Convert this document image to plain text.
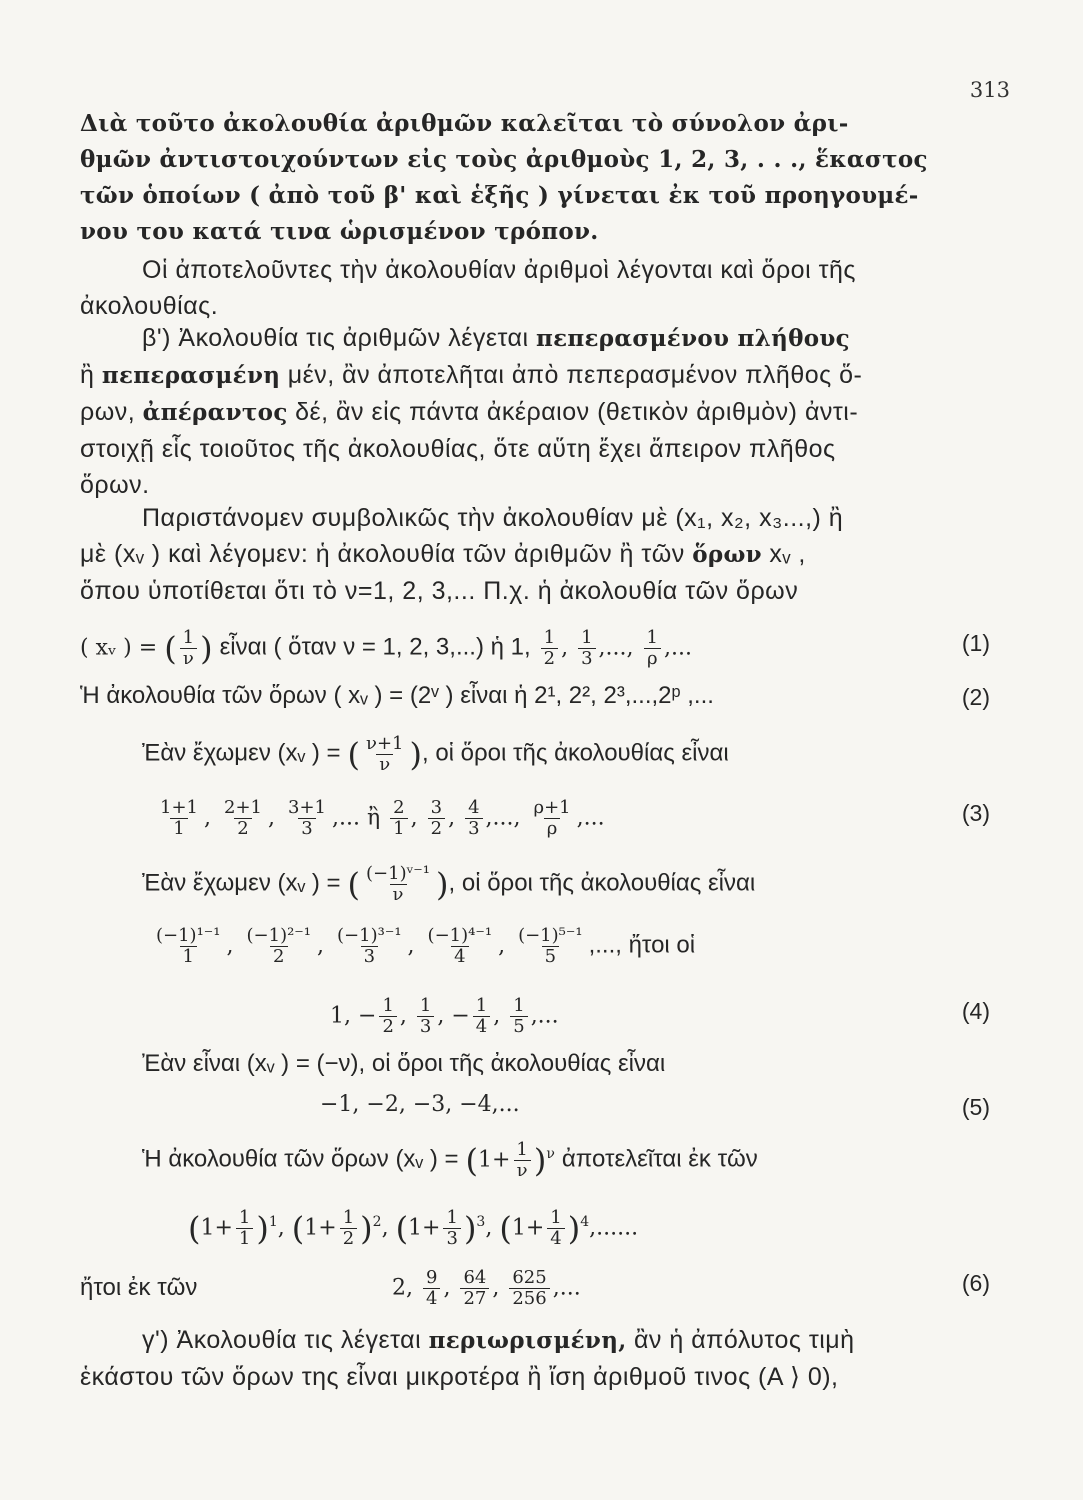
313
Διὰ τοῦτο ἀκολουθία ἀριθμῶν καλεῖται τὸ σύνολον ἀρι-
θμῶν ἀντιστοιχούντων εἰς τοὺς ἀριθμοὺς 1, 2, 3, . . ., ἕκαστος
τῶν ὁποίων ( ἀπὸ τοῦ β' καὶ ἑξῆς ) γίνεται ἐκ τοῦ προηγουμέ-
νου του κατά τινα ὡρισμένον τρόπον.
Οἱ ἀποτελοῦντες τὴν ἀκολουθίαν ἀριθμοὶ λέγονται καὶ ὅροι τῆς
ἀκολουθίας.
β') Ἀκολουθία τις ἀριθμῶν λέγεται πεπερασμένου πλήθους
ἢ πεπερασμένη μέν, ἂν ἀποτελῆται ἀπὸ πεπερασμένον πλῆθος ὅ-
ρων, ἀπέραντος δέ, ἂν εἰς πάντα ἀκέραιον (θετικὸν ἀριθμὸν) ἀντι-
στοιχῇ εἷς τοιοῦτος τῆς ἀκολουθίας, ὅτε αὕτη ἔχει ἄπειρον πλῆθος
ὅρων.
Παριστάνομεν συμβολικῶς τὴν ἀκολουθίαν μὲ (x₁, x₂, x₃...,) ἢ
μὲ (xᵥ ) καὶ λέγομεν: ἡ ἀκολουθία τῶν ἀριθμῶν ἢ τῶν ὅρων xᵥ ,
ὅπου ὑποτίθεται ὅτι τὸ ν=1, 2, 3,... Π.χ. ἡ ἀκολουθία τῶν ὅρων
( xᵥ ) = ( $\frac{1}{\nu}$ ) εἶναι ( ὅταν ν = 1, 2, 3,...) ἡ 1, $\frac{1}{2}$ , $\frac{1}{3}$ ,..., $\frac{1}{\rho}$ ,...	(1)
Ἡ ἀκολουθία τῶν ὅρων ( xᵥ ) = (2ᵛ ) εἶναι ἡ 2¹, 2², 2³,...,2ᵖ ,...	(2)
Ἐὰν ἔχωμεν (xᵥ ) = ( $\frac{\nu+1}{\nu}$ ), οἱ ὅροι τῆς ἀκολουθίας εἶναι
$\frac{1+1}{1}$ , $\frac{2+1}{2}$ , $\frac{3+1}{3}$ ,... ἢ $\frac{2}{1}$ , $\frac{3}{2}$ , $\frac{4}{3}$ ,..., $\frac{\rho+1}{\rho}$ ,...	(3)
Ἐὰν ἔχωμεν (xᵥ ) = ( $\frac{\text{(−1)ᵛ⁻¹}}{\nu}$ ), οἱ ὅροι τῆς ἀκολουθίας εἶναι
$\frac{\text{(−1)¹⁻¹}}{1}$ , $\frac{\text{(−1)²⁻¹}}{2}$ , $\frac{\text{(−1)³⁻¹}}{3}$ , $\frac{\text{(−1)⁴⁻¹}}{4}$ , $\frac{\text{(−1)⁵⁻¹}}{5}$ ,..., ἤτοι οἱ
1, − $\frac{1}{2}$ , $\frac{1}{3}$ , − $\frac{1}{4}$ , $\frac{1}{5}$ ,...	(4)
Ἐὰν εἶναι (xᵥ ) = (−ν), οἱ ὅροι τῆς ἀκολουθίας εἶναι
−1, −2, −3, −4,...	(5)
Ἡ ἀκολουθία τῶν ὅρων (xᵥ ) = $(1+ \frac{1}{\nu} )^\nu$ ἀποτελεῖται ἐκ τῶν
$(1+ \frac{1}{1} )^1$, $(1+ \frac{1}{2} )^2$, $(1+ \frac{1}{3} )^3$, $(1+ \frac{1}{4} )^4$,......
ἤτοι ἐκ τῶν	2, $\frac{9}{4}$ , $\frac{64}{27}$ , $\frac{625}{256}$ ,...	(6)
γ') Ἀκολουθία τις λέγεται περιωρισμένη, ἂν ἡ ἀπόλυτος τιμὴ
ἑκάστου τῶν ὅρων της εἶναι μικροτέρα ἢ ἴση ἀριθμοῦ τινος (A ⟩ 0),
